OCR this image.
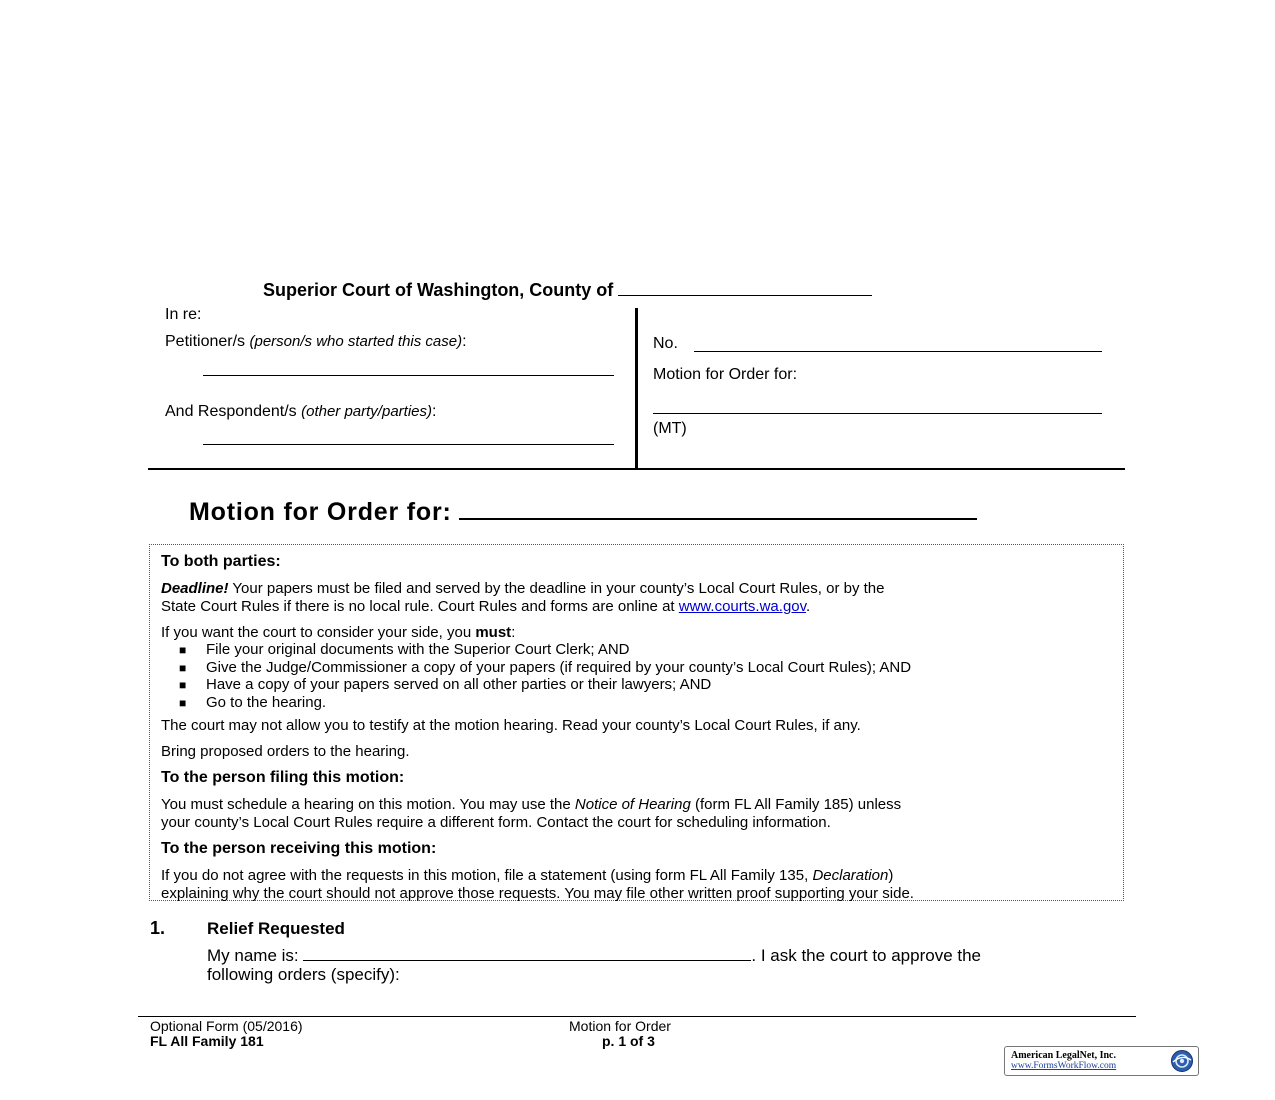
Superior Court of Washington, County of
In re:
Petitioner/s (person/s who started this case):
And Respondent/s (other party/parties):
No.
Motion for Order for:
(MT)
Motion for Order for:
To both parties:
Deadline! Your papers must be filed and served by the deadline in your county’s Local Court Rules, or by the
State Court Rules if there is no local rule. Court Rules and forms are online at www.courts.wa.gov.
If you want the court to consider your side, you must:
■ File your original documents with the Superior Court Clerk; AND
■ Give the Judge/Commissioner a copy of your papers (if required by your county’s Local Court Rules); AND
■ Have a copy of your papers served on all other parties or their lawyers; AND
■ Go to the hearing.
The court may not allow you to testify at the motion hearing. Read your county’s Local Court Rules, if any.
Bring proposed orders to the hearing.
To the person filing this motion:
You must schedule a hearing on this motion. You may use the Notice of Hearing (form FL All Family 185) unless
your county’s Local Court Rules require a different form. Contact the court for scheduling information.
To the person receiving this motion:
If you do not agree with the requests in this motion, file a statement (using form FL All Family 135, Declaration)
explaining why the court should not approve those requests. You may file other written proof supporting your side.
1. Relief Requested
My name is:	. I ask the court to approve the
following orders (specify):
Optional Form (05/2016)
FL All Family 181
Motion for Order
p. 1 of 3
American LegalNet, Inc.
www.FormsWorkFlow.com
